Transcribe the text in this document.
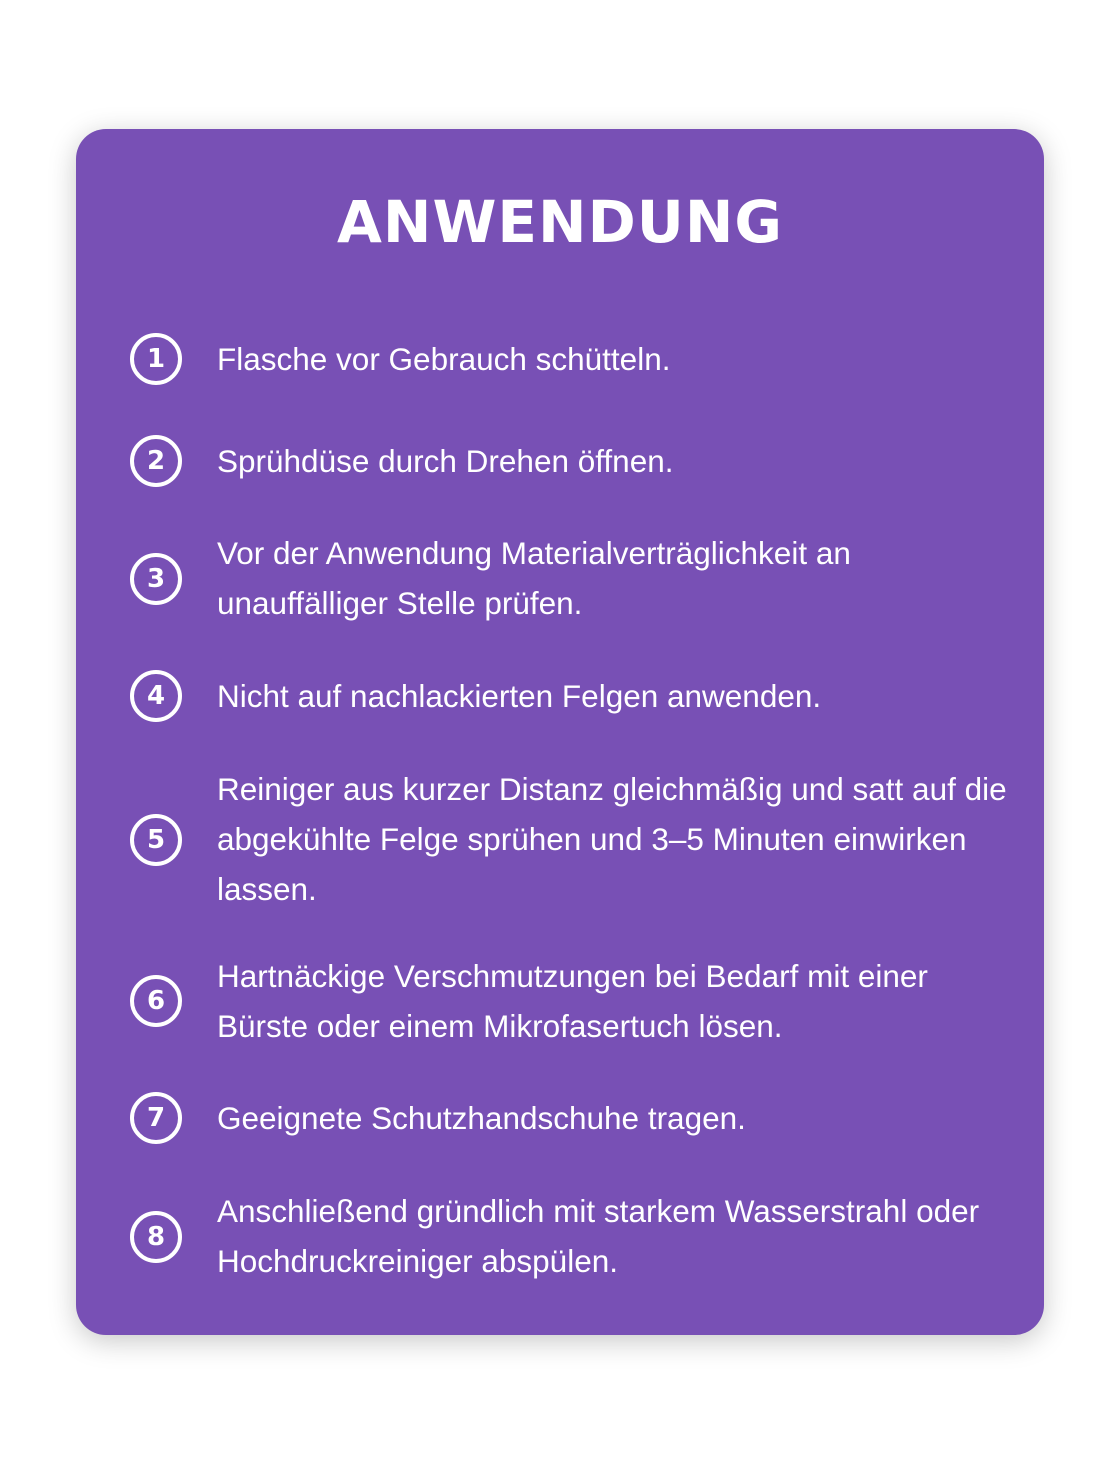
ANWENDUNG
1	Flasche vor Gebrauch schütteln.
2	Sprühdüse durch Drehen öffnen.
3
Vor der Anwendung Materialverträglichkeit an unauffälliger Stelle prüfen.
4	Nicht auf nachlackierten Felgen anwenden.
5
Reiniger aus kurzer Distanz gleichmäßig und satt auf die abgekühlte Felge sprühen und 3–5 Minuten einwirken lassen.
6
Hartnäckige Verschmutzungen bei Bedarf mit einer Bürste oder einem Mikrofasertuch lösen.
7	Geeignete Schutzhandschuhe tragen.
8
Anschließend gründlich mit starkem Wasserstrahl oder Hochdruckreiniger abspülen.
